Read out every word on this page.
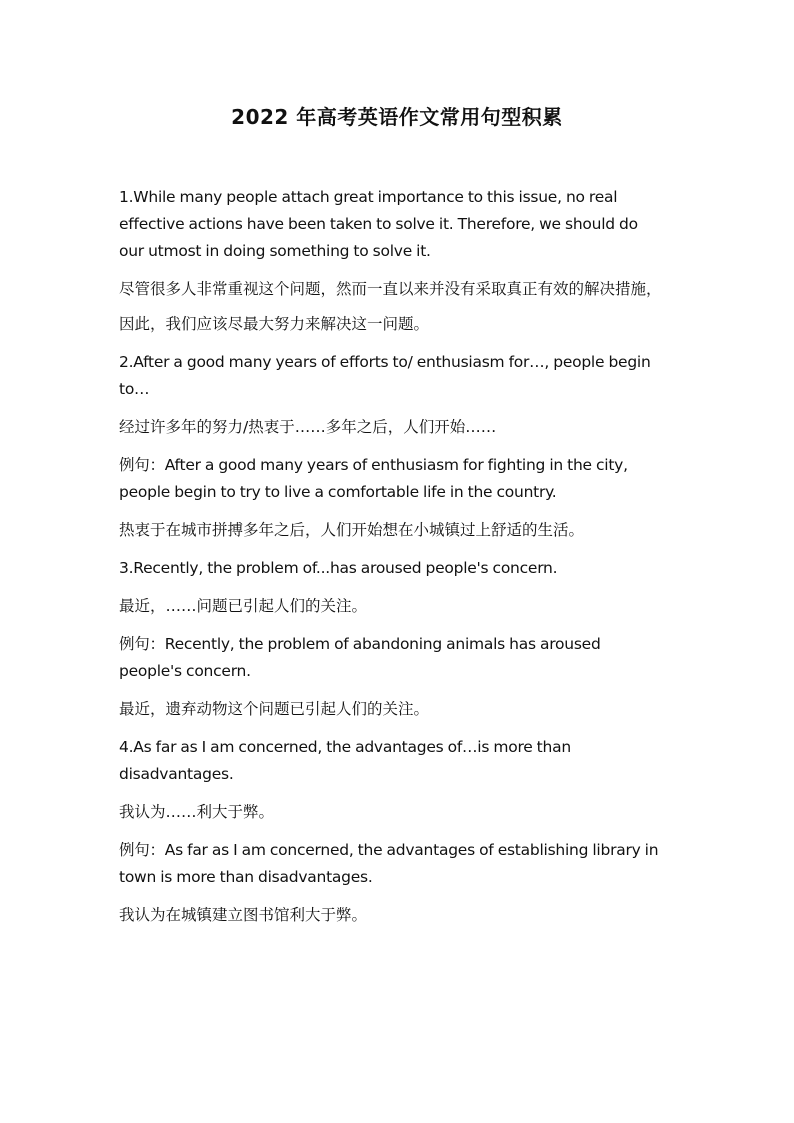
2022 年高考英语作文常用句型积累

1.While many people attach great importance to this issue, no real effective actions have been taken to solve it. Therefore, we should do our utmost in doing something to solve it.

尽管很多人非常重视这个问题，然而一直以来并没有采取真正有效的解决措施，

因此，我们应该尽最大努力来解决这一问题。

2.After a good many years of efforts to/ enthusiasm for…, people begin to…

经过许多年的努力/热衷于……多年之后，人们开始……

例句：After a good many years of enthusiasm for fighting in the city, people begin to try to live a comfortable life in the country.

热衷于在城市拼搏多年之后，人们开始想在小城镇过上舒适的生活。

3.Recently, the problem of...has aroused people's concern.

最近，……问题已引起人们的关注。

例句：Recently, the problem of abandoning animals has aroused people's concern.

最近，遗弃动物这个问题已引起人们的关注。

4.As far as I am concerned, the advantages of…is more than disadvantages.

我认为……利大于弊。

例句：As far as I am concerned, the advantages of establishing library in town is more than disadvantages.

我认为在城镇建立图书馆利大于弊。
